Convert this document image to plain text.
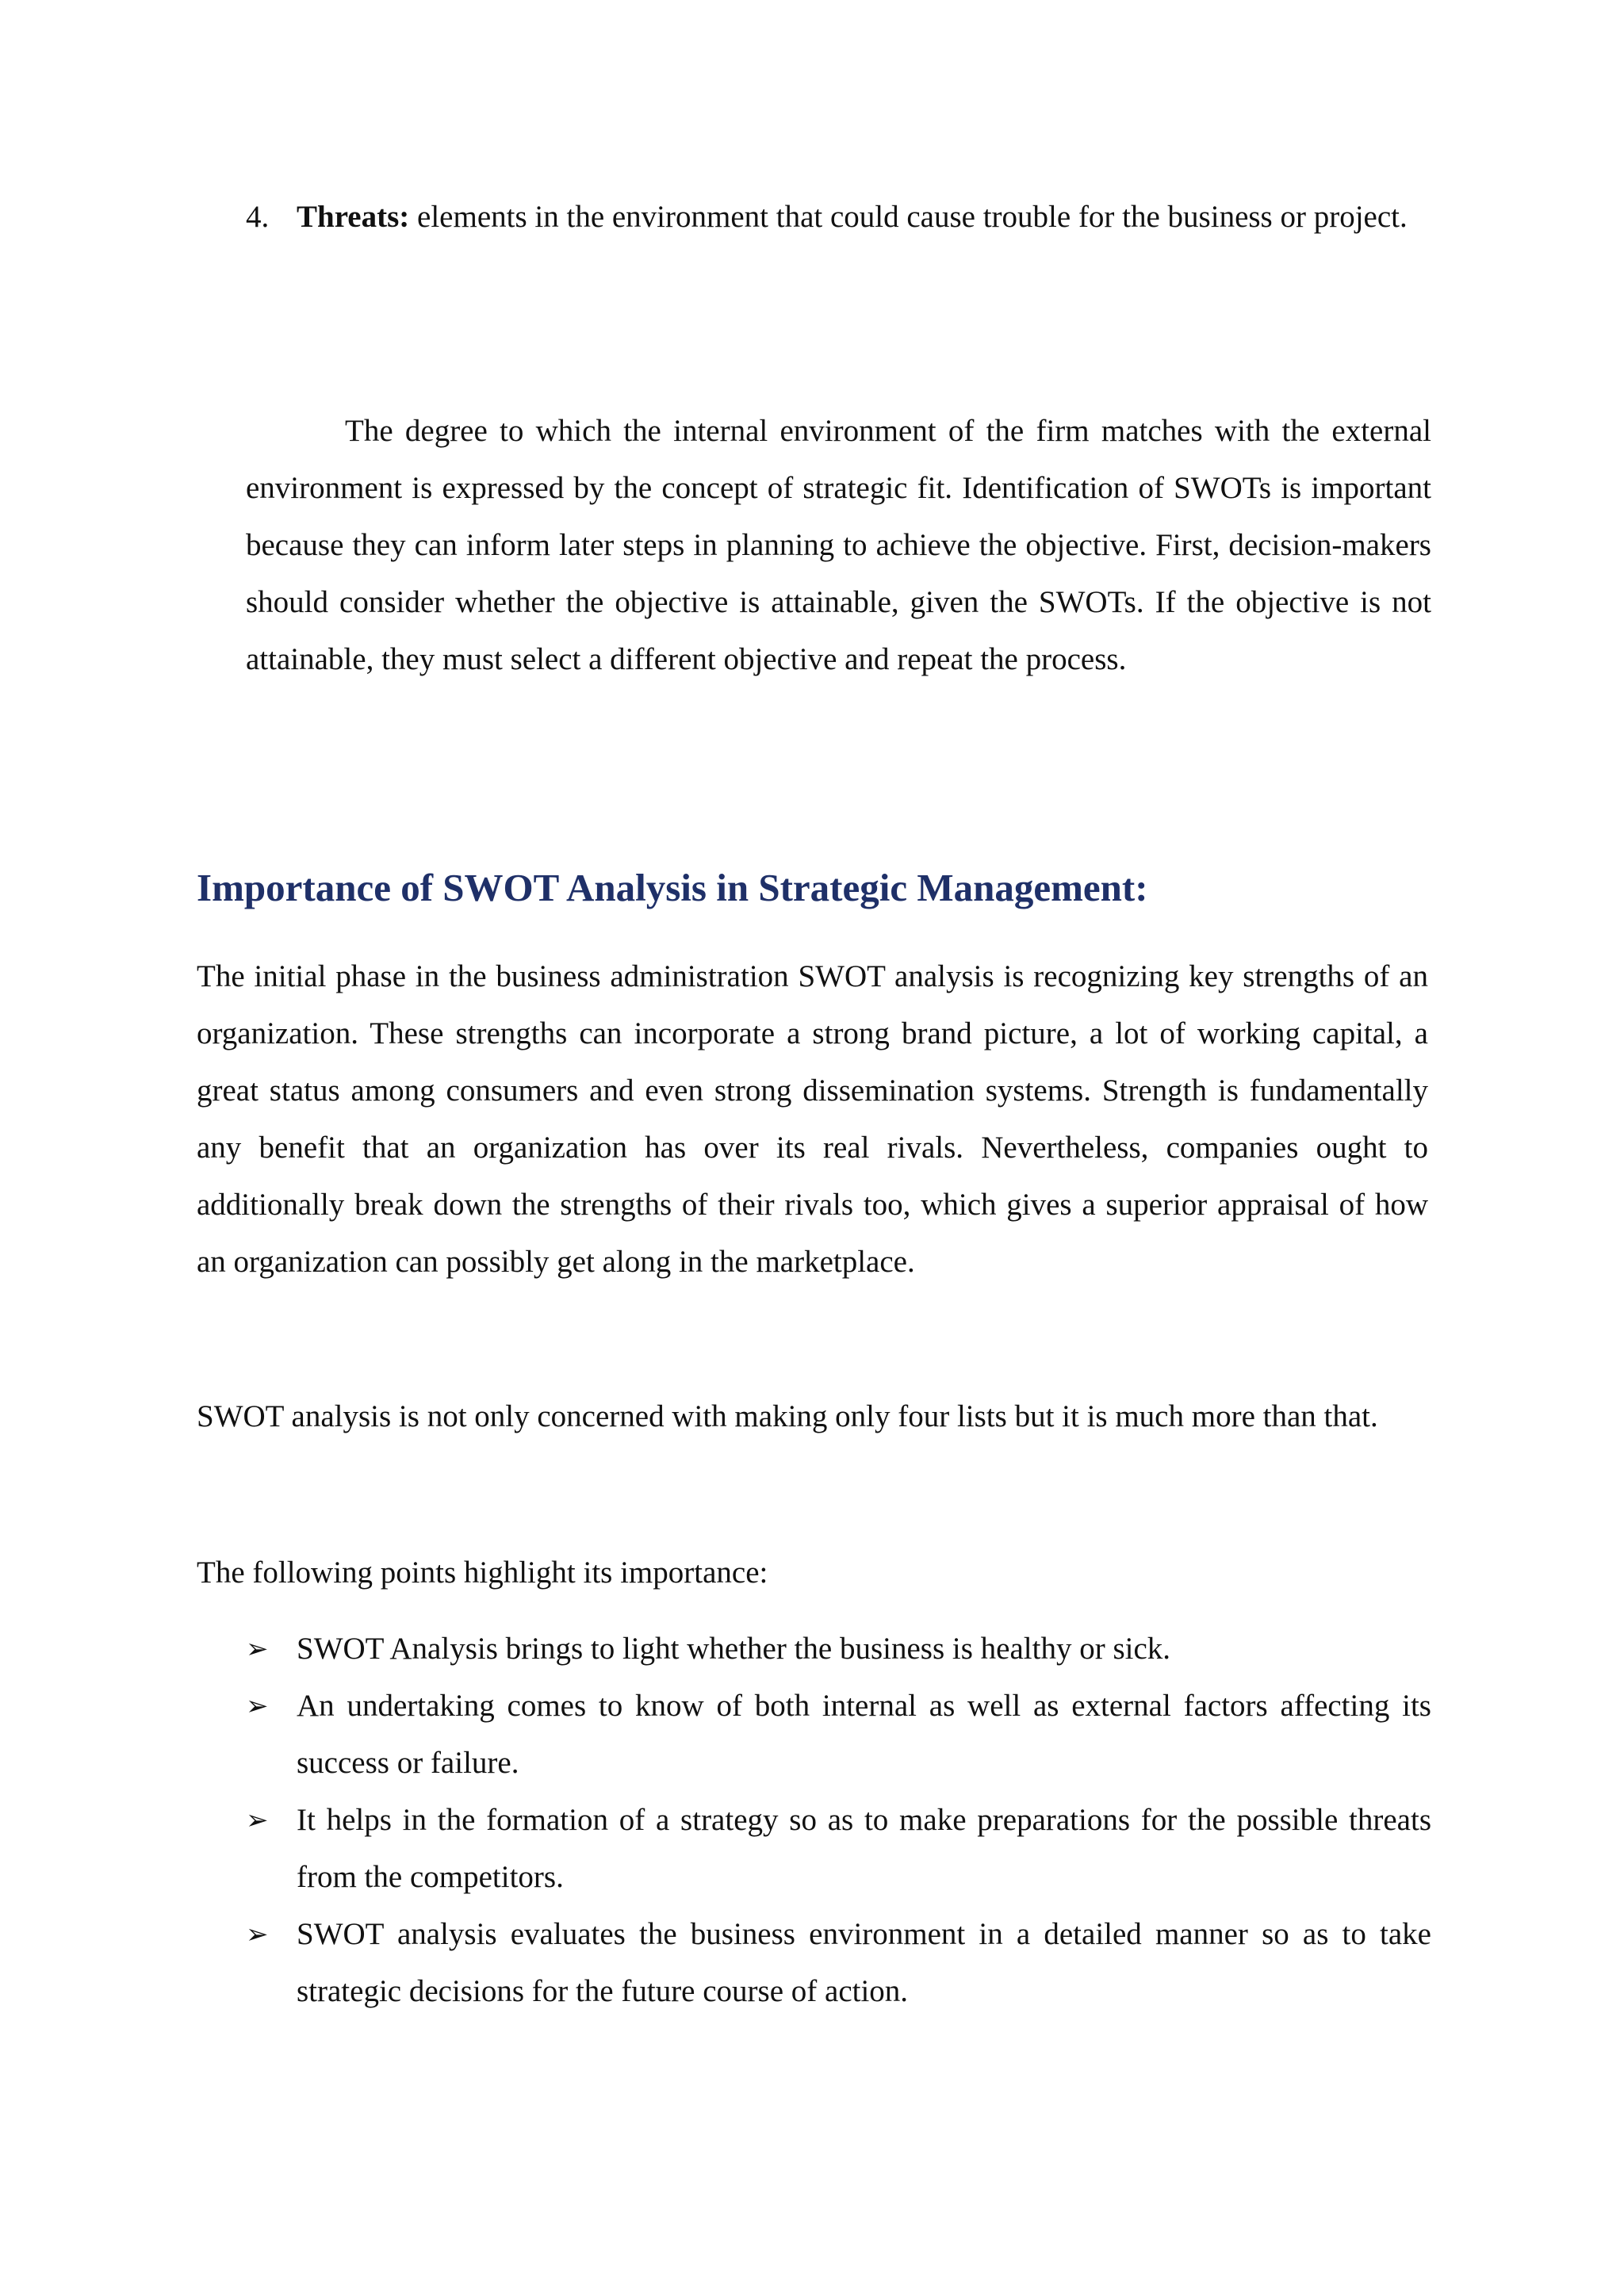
4. Threats: elements in the environment that could cause trouble for the business or project.

The degree to which the internal environment of the firm matches with the external environment is expressed by the concept of strategic fit. Identification of SWOTs is important because they can inform later steps in planning to achieve the objective. First, decision-makers should consider whether the objective is attainable, given the SWOTs. If the objective is not attainable, they must select a different objective and repeat the process.

Importance of SWOT Analysis in Strategic Management:

The initial phase in the business administration SWOT analysis is recognizing key strengths of an organization. These strengths can incorporate a strong brand picture, a lot of working capital, a great status among consumers and even strong dissemination systems. Strength is fundamentally any benefit that an organization has over its real rivals. Nevertheless, companies ought to additionally break down the strengths of their rivals too, which gives a superior appraisal of how an organization can possibly get along in the marketplace.

SWOT analysis is not only concerned with making only four lists but it is much more than that.

The following points highlight its importance:

➢ SWOT Analysis brings to light whether the business is healthy or sick.
➢ An undertaking comes to know of both internal as well as external factors affecting its success or failure.
➢ It helps in the formation of a strategy so as to make preparations for the possible threats from the competitors.
➢ SWOT analysis evaluates the business environment in a detailed manner so as to take strategic decisions for the future course of action.
